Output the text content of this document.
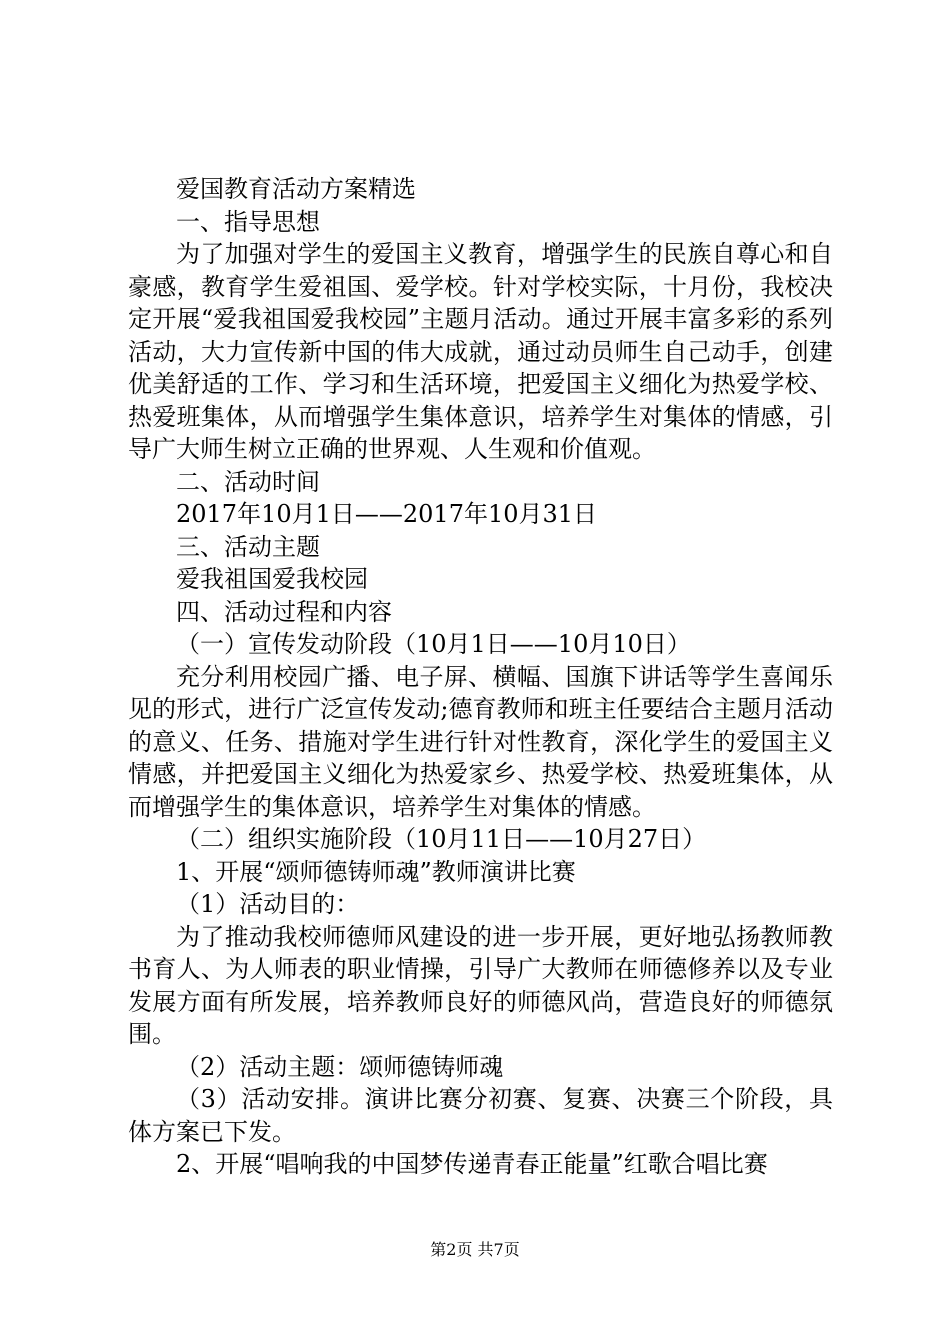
爱国教育活动方案精选

一、指导思想

为了加强对学生的爱国主义教育，增强学生的民族自尊心和自豪感，教育学生爱祖国、爱学校。针对学校实际，十月份，我校决定开展“爱我祖国爱我校园”主题月活动。通过开展丰富多彩的系列活动，大力宣传新中国的伟大成就，通过动员师生自己动手，创建优美舒适的工作、学习和生活环境，把爱国主义细化为热爱学校、热爱班集体，从而增强学生集体意识，培养学生对集体的情感，引导广大师生树立正确的世界观、人生观和价值观。

二、活动时间

2017年10月1日——2017年10月31日

三、活动主题

爱我祖国爱我校园

四、活动过程和内容

（一）宣传发动阶段（10月1日——10月10日）

充分利用校园广播、电子屏、横幅、国旗下讲话等学生喜闻乐见的形式，进行广泛宣传发动;德育教师和班主任要结合主题月活动的意义、任务、措施对学生进行针对性教育，深化学生的爱国主义情感，并把爱国主义细化为热爱家乡、热爱学校、热爱班集体，从而增强学生的集体意识，培养学生对集体的情感。

（二）组织实施阶段（10月11日——10月27日）

1、开展“颂师德铸师魂”教师演讲比赛

（1）活动目的：

为了推动我校师德师风建设的进一步开展，更好地弘扬教师教书育人、为人师表的职业情操，引导广大教师在师德修养以及专业发展方面有所发展，培养教师良好的师德风尚，营造良好的师德氛围。

（2）活动主题：颂师德铸师魂

（3）活动安排。演讲比赛分初赛、复赛、决赛三个阶段，具体方案已下发。

2、开展“唱响我的中国梦传递青春正能量”红歌合唱比赛

第2页 共7页
